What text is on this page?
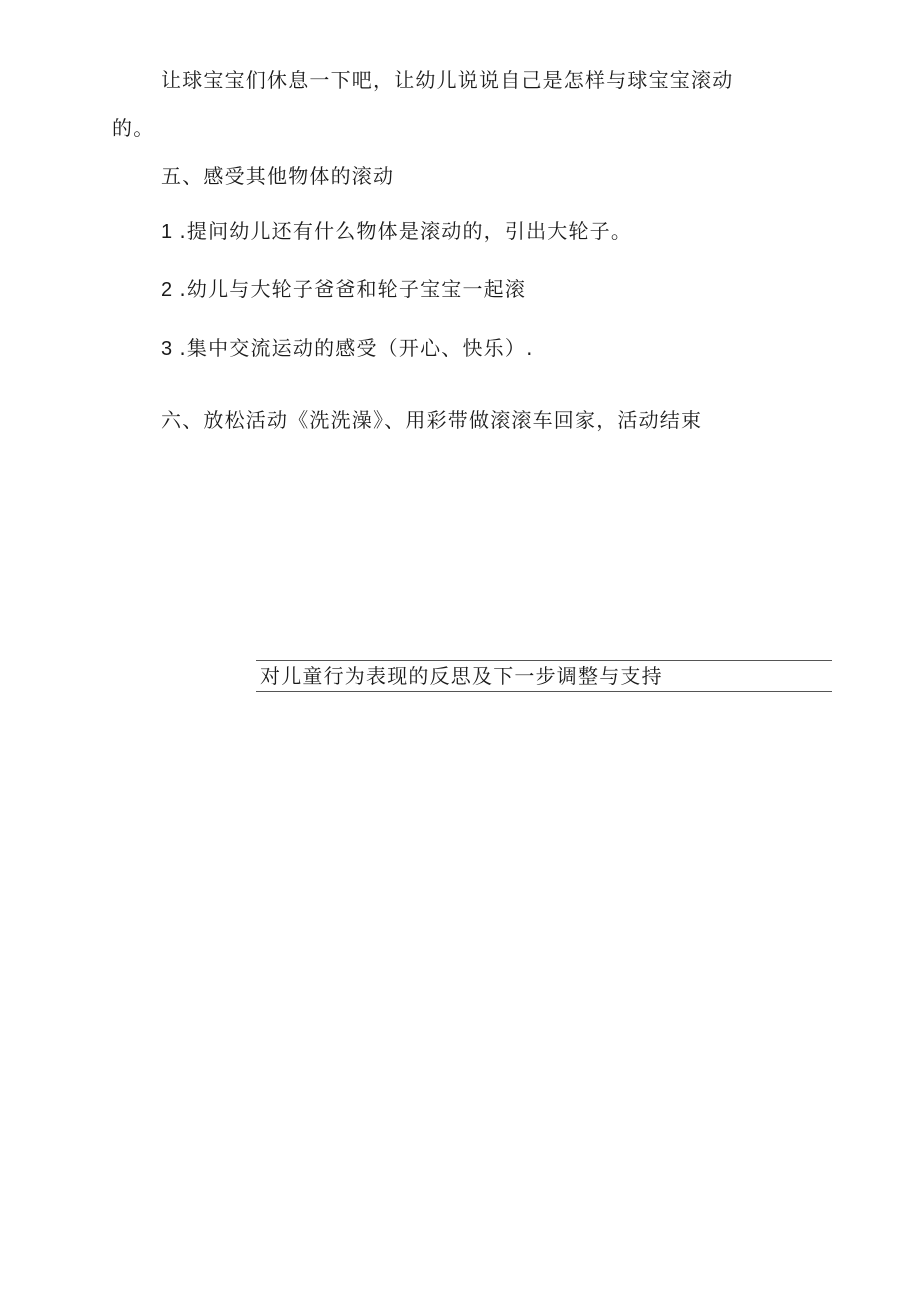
让球宝宝们休息一下吧，让幼儿说说自己是怎样与球宝宝滚动
的。
五、感受其他物体的滚动
1 .提问幼儿还有什么物体是滚动的，引出大轮子。
2 .幼儿与大轮子爸爸和轮子宝宝一起滚
3 .集中交流运动的感受（开心、快乐）.
六、放松活动《洗洗澡》、用彩带做滚滚车回家，活动结束
对儿童行为表现的反思及下一步调整与支持
